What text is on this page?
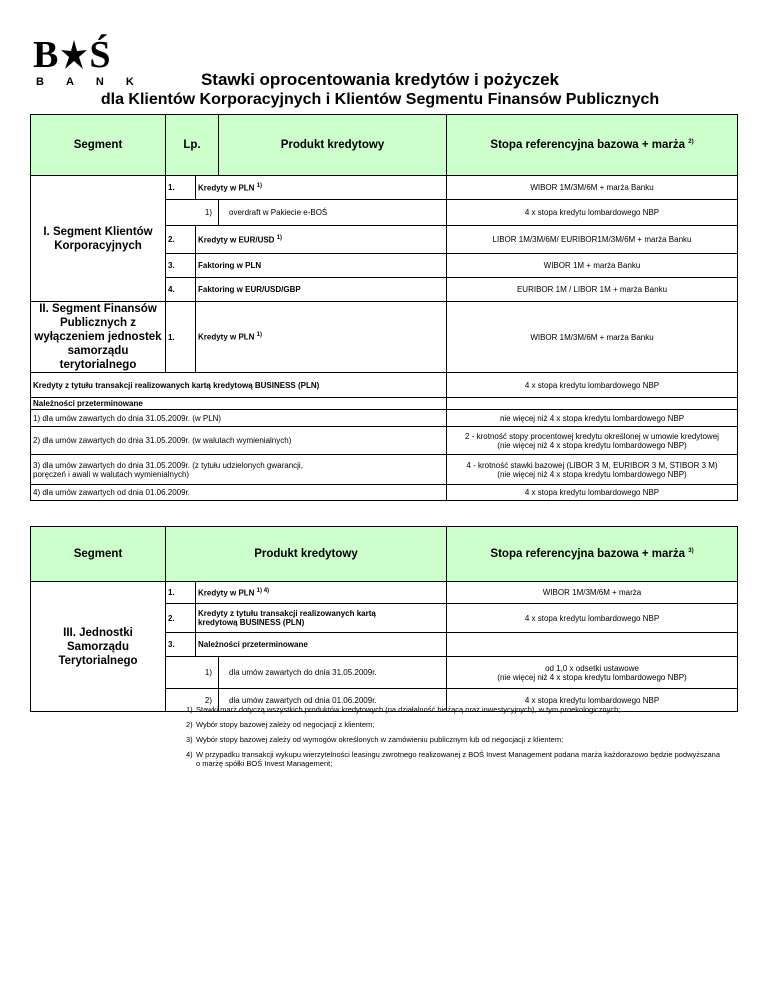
B Ś
BANK	Stawki oprocentowania kredytów i pożyczek
dla Klientów Korporacyjnych i Klientów Segmentu Finansów Publicznych
Segment	Lp.		Produkt kredytowy	Stopa referencyjna bazowa + marża $^{2)}$
I. Segment Klientów Korporacyjnych	1.	Kredyty w PLN $^{1)}$		WIBOR 1M/3M/6M + marża Banku
	1)		overdraft w Pakiecie e-BOŚ	4 x stopa kredytu lombardowego NBP
	2.	Kredyty w EUR/USD $^{1)}$		LIBOR 1M/3M/6M/ EURIBOR1M/3M/6M + marża Banku
	3.	Faktoring w PLN		WIBOR 1M + marża Banku
	4.	Faktoring w EUR/USD/GBP		EURIBOR 1M / LIBOR 1M + marża Banku
II. Segment Finansów Publicznych z wyłączeniem jednostek samorządu terytorialnego	1.	Kredyty w PLN $^{1)}$		WIBOR 1M/3M/6M + marża Banku
Kredyty z tytułu transakcji realizowanych kartą kredytową BUSINESS (PLN)				4 x stopa kredytu lombardowego NBP
Należności przeterminowane				
1) dla umów zawartych do dnia 31.05.2009r. (w PLN)				nie więcej niż 4 x stopa kredytu lombardowego NBP
2) dla umów zawartych do dnia 31.05.2009r. (w walutach wymienialnych)				2 - krotność stopy procentowej kredytu określonej w umowie kredytowej
(nie więcej niż 4 x stopa kredytu lombardowego NBP)

3) dla umów zawartych do dnia 31.05.2009r. (z tytułu udzielonych gwarancji, poręczeń i awali w walutach wymienialnych)				4 - krotność stawki bazowej (LIBOR 3 M, EURIBOR 3 M, STIBOR 3 M)
(nie więcej niż 4 x stopa kredytu lombardowego NBP)

4) dla umów zawartych od dnia 01.06.2009r.				4 x stopa kredytu lombardowego NBP
Segment	Produkt kredytowy			Stopa referencyjna bazowa + marża $^{3)}$
III. Jednostki Samorządu Terytorialnego	1.	Kredyty w PLN $^{1) 4)}$		WIBOR 1M/3M/6M + marża
	2.	Kredyty z tytułu transakcji realizowanych kartą kredytową BUSINESS (PLN)		4 x stopa kredytu lombardowego NBP
	3.	Należności przeterminowane		
	1)		dla umów zawartych do dnia 31.05.2009r.	od 1,0 x odsetki ustawowe
(nie więcej niż 4 x stopa kredytu lombardowego NBP)

	2)		dla umów zawartych od dnia 01.06.2009r.	4 x stopa kredytu lombardowego NBP
1) Stawki marż dotyczą wszystkich produktów kredytowych (na działalność bieżącą oraz inwestycyjnych), w tym proekologicznych;
2) Wybór stopy bazowej zależy od negocjacji z klientem;
3) Wybór stopy bazowej zależy od wymogów określonych w zamówieniu publicznym lub od negocjacji z klientem;
4) W przypadku transakcji wykupu wierzytelności leasingu zwrotnego realizowanej z BOŚ Invest Management podana marża każdorazowo będzie podwyższana o marżę spółki BOŚ Invest Management;
